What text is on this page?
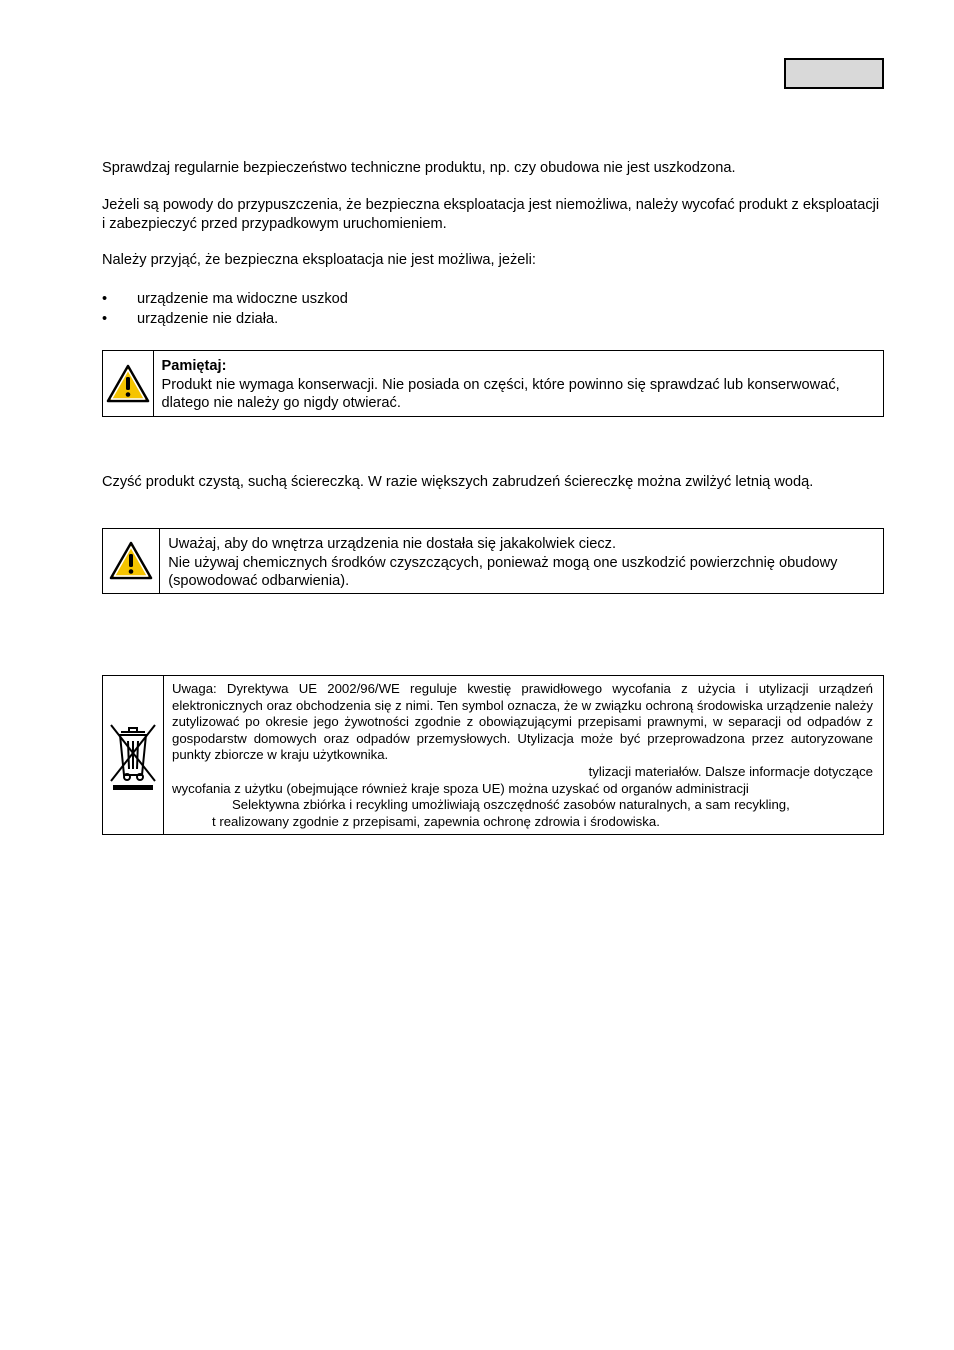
Sprawdzaj regularnie bezpieczeństwo techniczne produktu, np. czy obudowa nie jest uszkodzona.

Jeżeli są powody do przypuszczenia, że bezpieczna eksploatacja jest niemożliwa, należy wycofać produkt z eksploatacji i zabezpieczyć przed przypadkowym uruchomieniem.

Należy przyjąć, że bezpieczna eksploatacja nie jest możliwa, jeżeli:

• urządzenie ma widoczne uszkod
• urządzenie nie działa.
Pamiętaj:
Produkt nie wymaga konserwacji. Nie posiada on części, które powinno się sprawdzać lub konserwować, dlatego nie należy go nigdy otwierać.

Czyść produkt czystą, suchą ściereczką. W razie większych zabrudzeń ściereczkę można zwilżyć letnią wodą.

Uważaj, aby do wnętrza urządzenia nie dostała się jakakolwiek ciecz.
Nie używaj chemicznych środków czyszczących, ponieważ mogą one uszkodzić powierzchnię obudowy (spowodować odbarwienia).
Uwaga: Dyrektywa UE 2002/96/WE reguluje kwestię prawidłowego wycofania z użycia i utylizacji urządzeń elektronicznych oraz obchodzenia się z nimi. Ten symbol oznacza, że w związku ochroną środowiska urządzenie należy zutylizować po okresie jego żywotności zgodnie z obowiązującymi przepisami prawnymi, w separacji od odpadów z gospodarstw domowych oraz odpadów przemysłowych. Utylizacja może być przeprowadzona przez autoryzowane punkty zbiorcze w kraju użytkownika.
tylizacji materiałów. Dalsze informacje dotyczące
wycofania z użytku (obejmujące również kraje spoza UE) można uzyskać od organów administracji
Selektywna zbiórka i recykling umożliwiają oszczędność zasobów naturalnych, a sam recykling,
t realizowany zgodnie z przepisami, zapewnia ochronę zdrowia i środowiska.
